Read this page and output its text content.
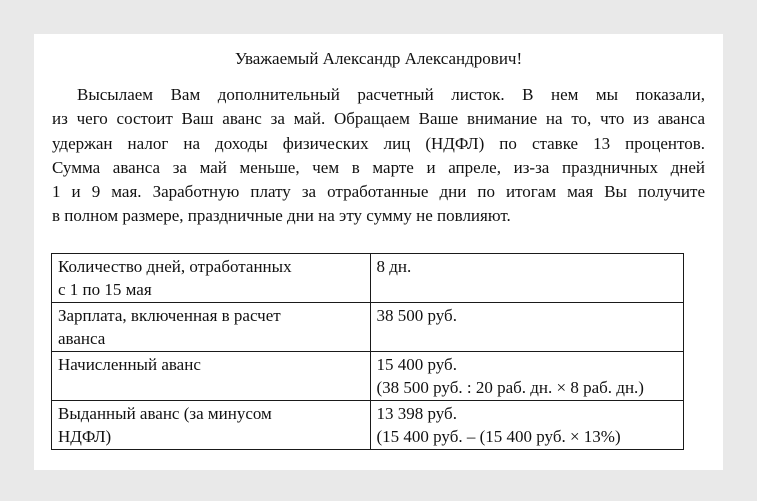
Уважаемый Александр Александрович!
Высылаем Вам дополнительный расчетный листок. В нем мы показали,
из чего состоит Ваш аванс за май. Обращаем Ваше внимание на то, что из аванса
удержан налог на доходы физических лиц (НДФЛ) по ставке 13 процентов.
Сумма аванса за май меньше, чем в марте и апреле, из-за праздничных дней
1 и 9 мая. Заработную плату за отработанные дни по итогам мая Вы получите
в полном размере, праздничные дни на эту сумму не повлияют.
Количество дней, отработанных
с 1 по 15 мая	8 дн.

Зарплата, включенная в расчет
аванса	38 500 руб.

Начисленный аванс	15 400 руб.
(38 500 руб. : 20 раб. дн. × 8 раб. дн.)

Выданный аванс (за минусом
НДФЛ)	13 398 руб.
(15 400 руб. – (15 400 руб. × 13%)
